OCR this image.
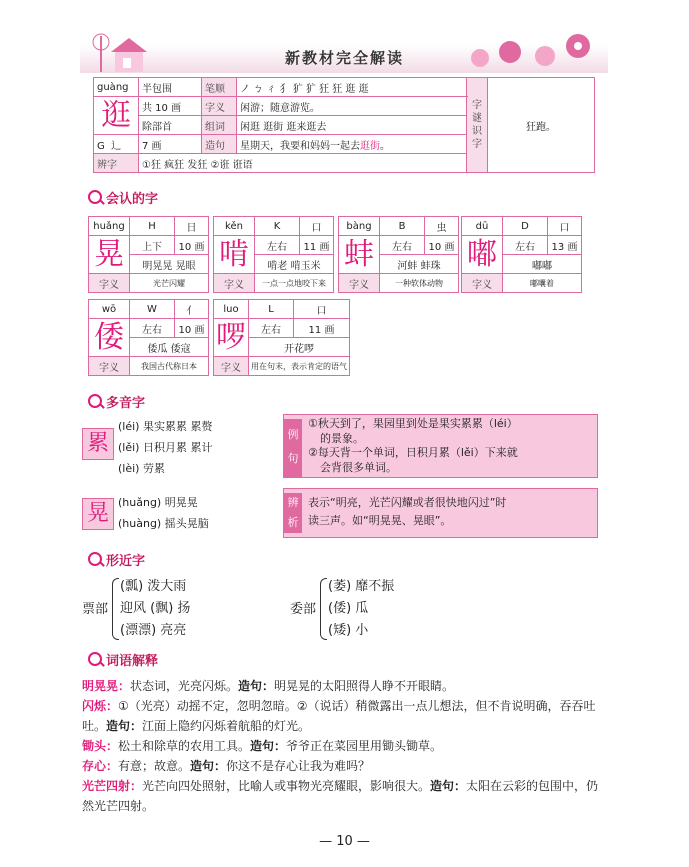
新教材完全解读
guàng	半包围	笔顺	ノ ㄅ ㄔ 犭 犷 犷 狂 狂 逛 逛	字谜识字	狂跑。
逛	共 10 画	字义	闲游；随意游览。		
	除部首	组词	闲逛 逛街 逛来逛去		
G 辶	7 画	造句	星期天，我要和妈妈一起去逛街。		
辨字	①狂 疯狂 发狂 ②诳 诳语				
会认的字
huǎng	H	日
晃	上下	10 画
	明晃晃 晃眼	
字义	光芒闪耀	
kěn	K	口
啃	左右	11 画
	啃老 啃玉米	
字义	一点一点地咬下来	
bàng	B	虫
蚌	左右	10 画
	河蚌 蚌珠	
字义	一种软体动物	
dū	D	口
嘟	左右	13 画
	嘟嘟	
字义	嘟囔着	
wō	W	亻
倭	左右	10 画
	倭瓜 倭寇	
字义	我国古代称日本	
luo	L	口
啰	左右	11 画
	开花啰	
字义	用在句末，表示肯定的语气	
多音字
累
(léi) 果实累累 累赘
(lěi) 日积月累 累计
(lèi) 劳累
例
句
①秋天到了，果园里到处是果实累累（léi）
的景象。
②每天背一个单词，日积月累（lěi）下来就
会背很多单词。
晃 (huǎng) 明晃晃
(huàng) 摇头晃脑
辨
析
表示“明亮，光芒闪耀或者很快地闪过”时
读三声。如“明晃晃、晃眼”。
形近字
票部
(瓢) 泼大雨
迎风 (飘) 扬
(漂漂) 亮亮
委部
(萎) 靡不振
(倭) 瓜
(矮) 小
词语解释
明晃晃：状态词，光亮闪烁。造句：明晃晃的太阳照得人睁不开眼睛。
闪烁：①（光亮）动摇不定，忽明忽暗。②（说话）稍微露出一点儿想法，但不肯说明确，吞吞吐吐。造句：江面上隐约闪烁着航船的灯光。
锄头：松土和除草的农用工具。造句：爷爷正在菜园里用锄头锄草。
存心：有意；故意。造句：你这不是存心让我为难吗？
光芒四射：光芒向四处照射，比喻人或事物光亮耀眼，影响很大。造句：太阳在云彩的包围中，仍然光芒四射。
— 10 —
